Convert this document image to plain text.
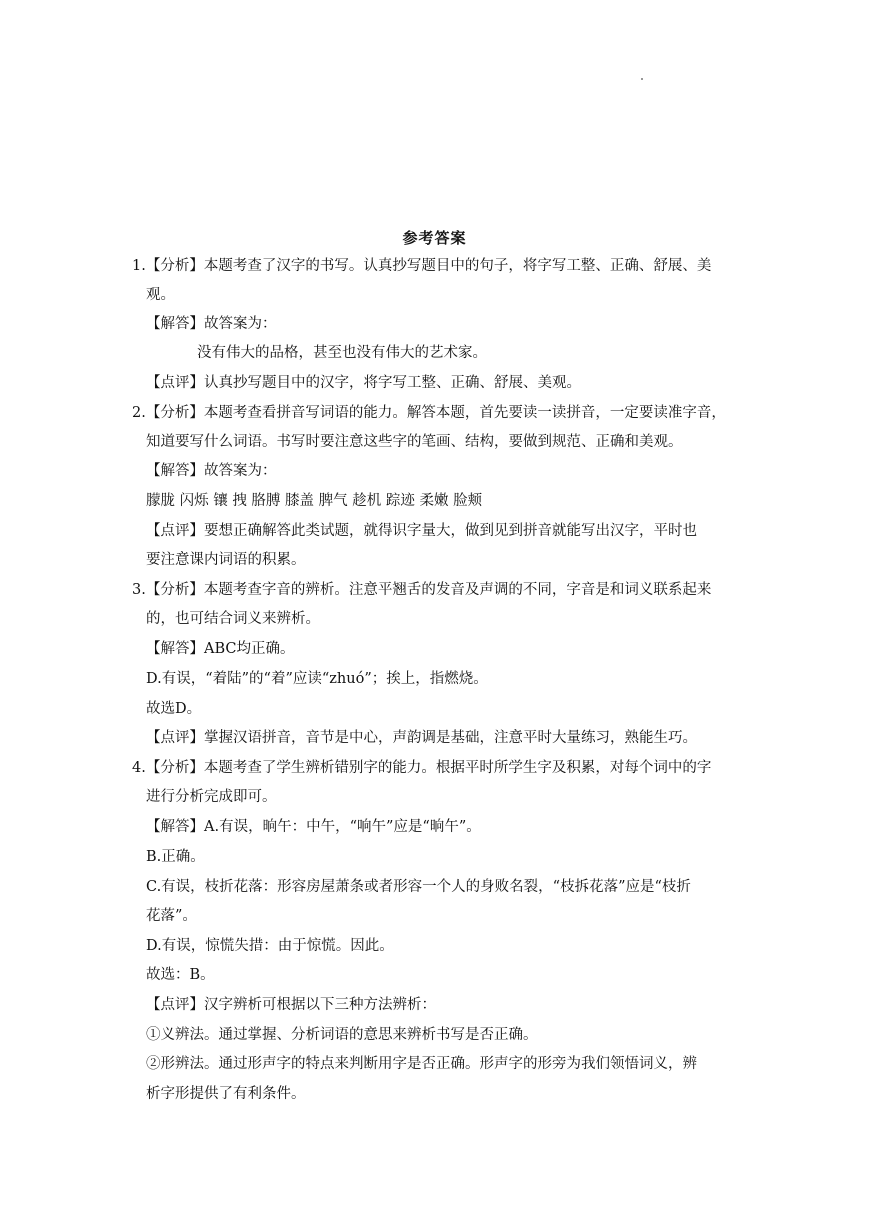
参考答案
1.【分析】本题考查了汉字的书写。认真抄写题目中的句子，将字写工整、正确、舒展、美
观。
【解答】故答案为：
没有伟大的品格，甚至也没有伟大的艺术家。
【点评】认真抄写题目中的汉字，将字写工整、正确、舒展、美观。
2.【分析】本题考查看拼音写词语的能力。解答本题，首先要读一读拼音，一定要读准字音，
知道要写什么词语。书写时要注意这些字的笔画、结构，要做到规范、正确和美观。
【解答】故答案为：
朦胧 闪烁 镶 拽 胳膊 膝盖 脾气 趁机 踪迹 柔嫩 脸颊
【点评】要想正确解答此类试题，就得识字量大，做到见到拼音就能写出汉字，平时也
要注意课内词语的积累。
3.【分析】本题考查字音的辨析。注意平翘舌的发音及声调的不同，字音是和词义联系起来
的，也可结合词义来辨析。
【解答】ABC均正确。
D.有误，“着陆”的“着”应读“zhuó”；挨上，指燃烧。
故选D。
【点评】掌握汉语拼音，音节是中心，声韵调是基础，注意平时大量练习，熟能生巧。
4.【分析】本题考查了学生辨析错别字的能力。根据平时所学生字及积累，对每个词中的字
进行分析完成即可。
【解答】A.有误，晌午：中午，“响午”应是“晌午”。
B.正确。
C.有误，枝折花落：形容房屋萧条或者形容一个人的身败名裂，“枝拆花落”应是“枝折
花落”。
D.有误，惊慌失措：由于惊慌。因此。
故选：B。
【点评】汉字辨析可根据以下三种方法辨析：
①义辨法。通过掌握、分析词语的意思来辨析书写是否正确。
②形辨法。通过形声字的特点来判断用字是否正确。形声字的形旁为我们领悟词义，辨
析字形提供了有利条件。
